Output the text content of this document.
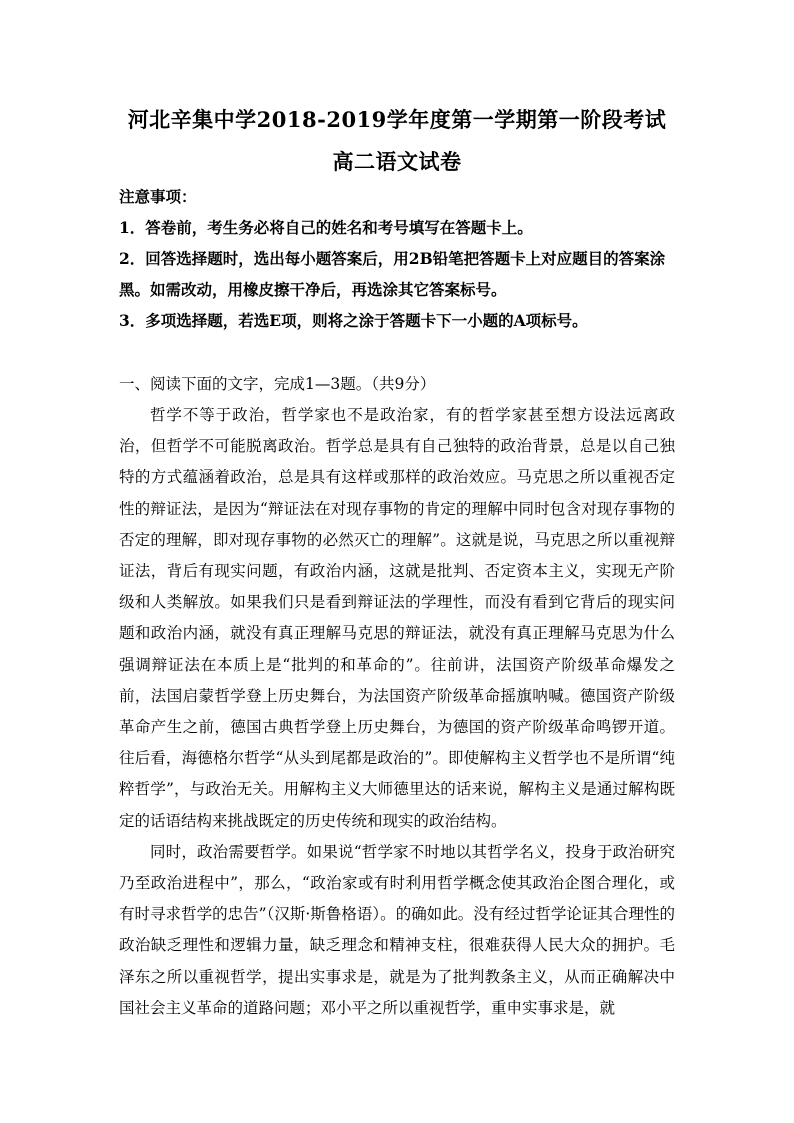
河北辛集中学2018-2019学年度第一学期第一阶段考试
高二语文试卷
注意事项：
1．答卷前，考生务必将自己的姓名和考号填写在答题卡上。
2．回答选择题时，选出每小题答案后，用2B铅笔把答题卡上对应题目的答案涂黑。如需改动，用橡皮擦干净后，再选涂其它答案标号。
3．多项选择题，若选E项，则将之涂于答题卡下一小题的A项标号。
一、阅读下面的文字，完成1—3题。（共9分）

哲学不等于政治，哲学家也不是政治家，有的哲学家甚至想方设法远离政治，但哲学不可能脱离政治。哲学总是具有自己独特的政治背景，总是以自己独特的方式蕴涵着政治，总是具有这样或那样的政治效应。马克思之所以重视否定性的辩证法，是因为“辩证法在对现存事物的肯定的理解中同时包含对现存事物的否定的理解，即对现存事物的必然灭亡的理解”。这就是说，马克思之所以重视辩证法，背后有现实问题，有政治内涵，这就是批判、否定资本主义，实现无产阶级和人类解放。如果我们只是看到辩证法的学理性，而没有看到它背后的现实问题和政治内涵，就没有真正理解马克思的辩证法，就没有真正理解马克思为什么强调辩证法在本质上是“批判的和革命的”。往前讲，法国资产阶级革命爆发之前，法国启蒙哲学登上历史舞台，为法国资产阶级革命摇旗呐喊。德国资产阶级革命产生之前，德国古典哲学登上历史舞台，为德国的资产阶级革命鸣锣开道。往后看，海德格尔哲学“从头到尾都是政治的”。即使解构主义哲学也不是所谓“纯粹哲学”，与政治无关。用解构主义大师德里达的话来说，解构主义是通过解构既定的话语结构来挑战既定的历史传统和现实的政治结构。

同时，政治需要哲学。如果说“哲学家不时地以其哲学名义，投身于政治研究乃至政治进程中”，那么，“政治家或有时利用哲学概念使其政治企图合理化，或有时寻求哲学的忠告”（汉斯·斯鲁格语）。的确如此。没有经过哲学论证其合理性的政治缺乏理性和逻辑力量，缺乏理念和精神支柱，很难获得人民大众的拥护。毛泽东之所以重视哲学，提出实事求是，就是为了批判教条主义，从而正确解决中国社会主义革命的道路问题；邓小平之所以重视哲学，重申实事求是，就
